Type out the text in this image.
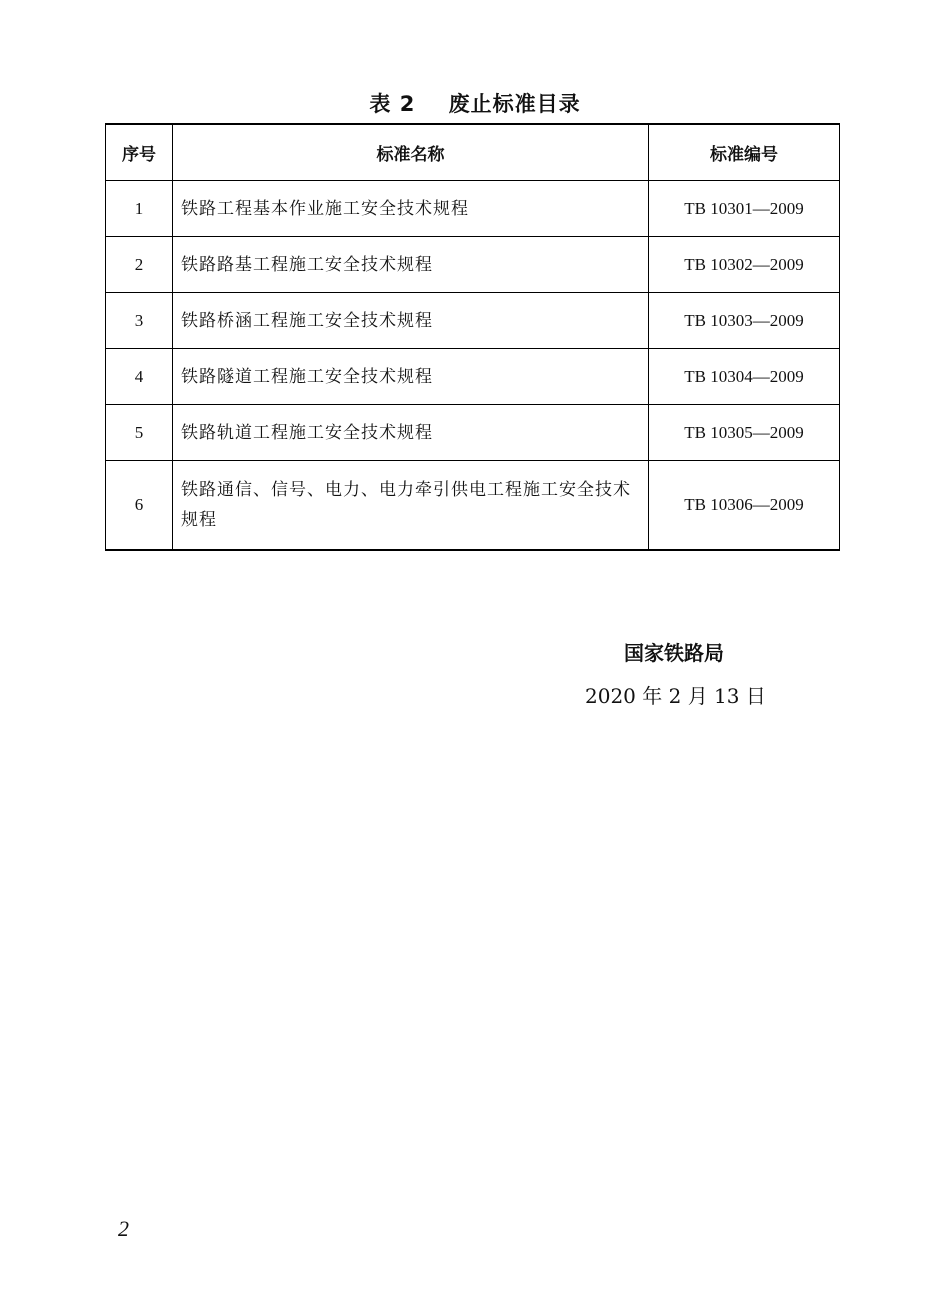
表 2    废止标准目录
序号	标准名称	标准编号
1	铁路工程基本作业施工安全技术规程	TB 10301—2009
2	铁路路基工程施工安全技术规程	TB 10302—2009
3	铁路桥涵工程施工安全技术规程	TB 10303—2009
4	铁路隧道工程施工安全技术规程	TB 10304—2009
5	铁路轨道工程施工安全技术规程	TB 10305—2009
6	铁路通信、信号、电力、电力牵引供电工程施工安全技术规程	TB 10306—2009
国家铁路局
2020 年 2 月 13 日
2
